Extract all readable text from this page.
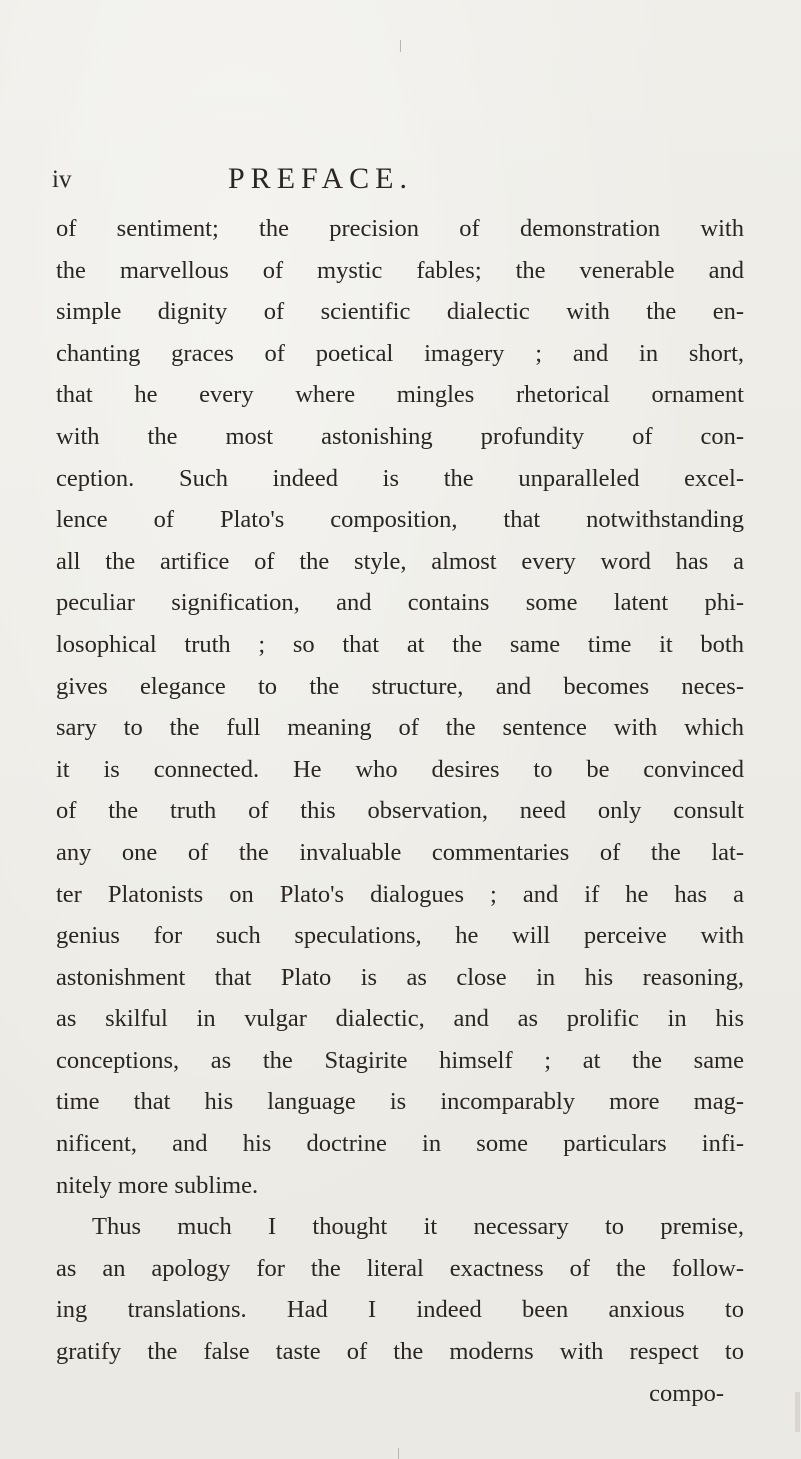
iv	PREFACE.
of sentiment; the precision of demonstration with
the marvellous of mystic fables; the venerable and
simple dignity of scientific dialectic with the en-
chanting graces of poetical imagery ; and in short,
that he every where mingles rhetorical ornament
with the most astonishing profundity of con-
ception. Such indeed is the unparalleled excel-
lence of Plato's composition, that notwithstanding
all the artifice of the style, almost every word has a
peculiar signification, and contains some latent phi-
losophical truth ; so that at the same time it both
gives elegance to the structure, and becomes neces-
sary to the full meaning of the sentence with which
it is connected. He who desires to be convinced
of the truth of this observation, need only consult
any one of the invaluable commentaries of the lat-
ter Platonists on Plato's dialogues ; and if he has a
genius for such speculations, he will perceive with
astonishment that Plato is as close in his reasoning,
as skilful in vulgar dialectic, and as prolific in his
conceptions, as the Stagirite himself ; at the same
time that his language is incomparably more mag-
nificent, and his doctrine in some particulars infi-
nitely more sublime.
Thus much I thought it necessary to premise,
as an apology for the literal exactness of the follow-
ing translations. Had I indeed been anxious to
gratify the false taste of the moderns with respect to
compo-
